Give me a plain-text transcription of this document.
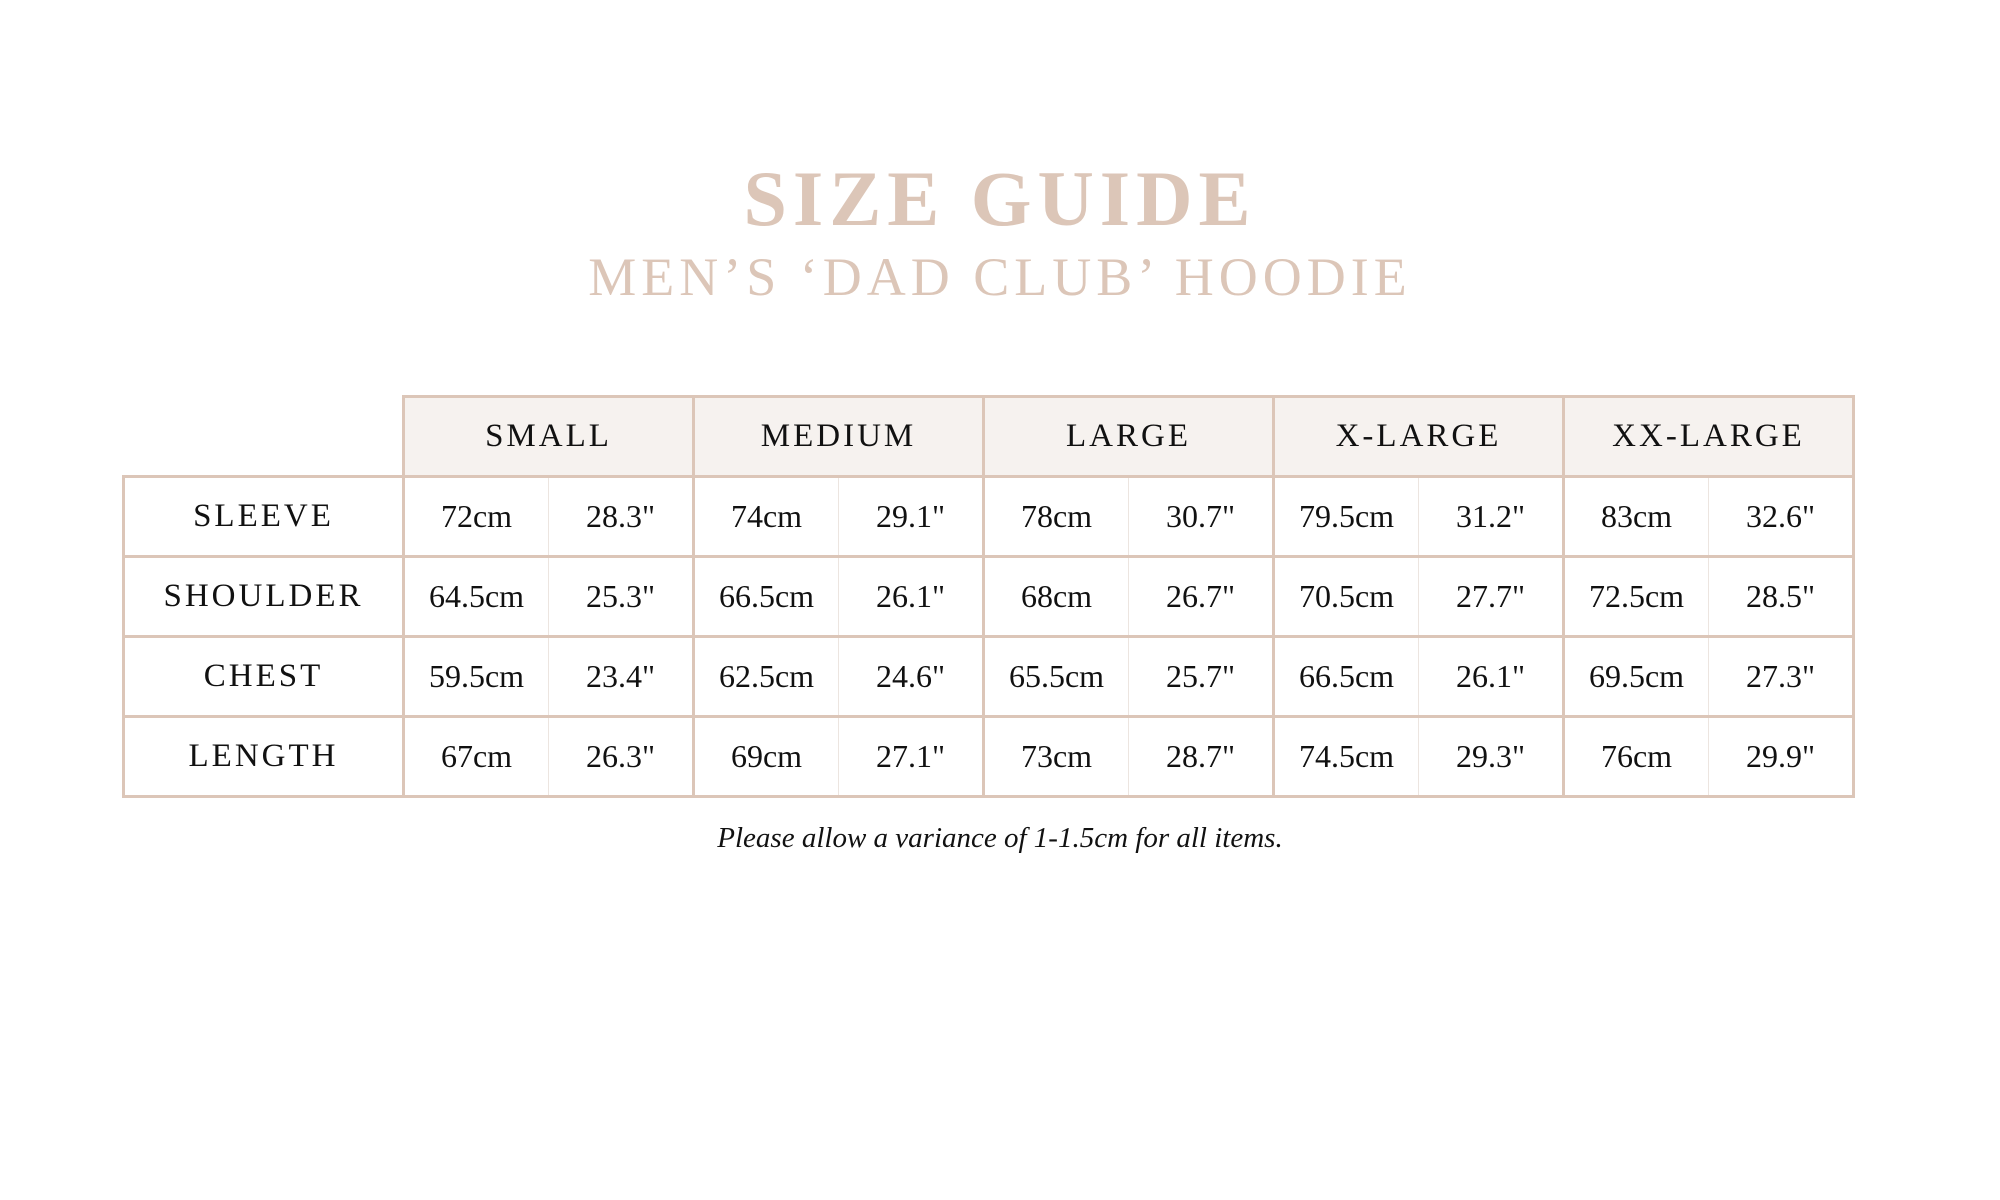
SIZE GUIDE
MEN’S ‘DAD CLUB’ HOODIE
	SMALL		MEDIUM		LARGE		X-LARGE		XX-LARGE	
SLEEVE	72cm	28.3"	74cm	29.1"	78cm	30.7"	79.5cm	31.2"	83cm	32.6"
SHOULDER	64.5cm	25.3"	66.5cm	26.1"	68cm	26.7"	70.5cm	27.7"	72.5cm	28.5"
CHEST	59.5cm	23.4"	62.5cm	24.6"	65.5cm	25.7"	66.5cm	26.1"	69.5cm	27.3"
LENGTH	67cm	26.3"	69cm	27.1"	73cm	28.7"	74.5cm	29.3"	76cm	29.9"
Please allow a variance of 1-1.5cm for all items.
